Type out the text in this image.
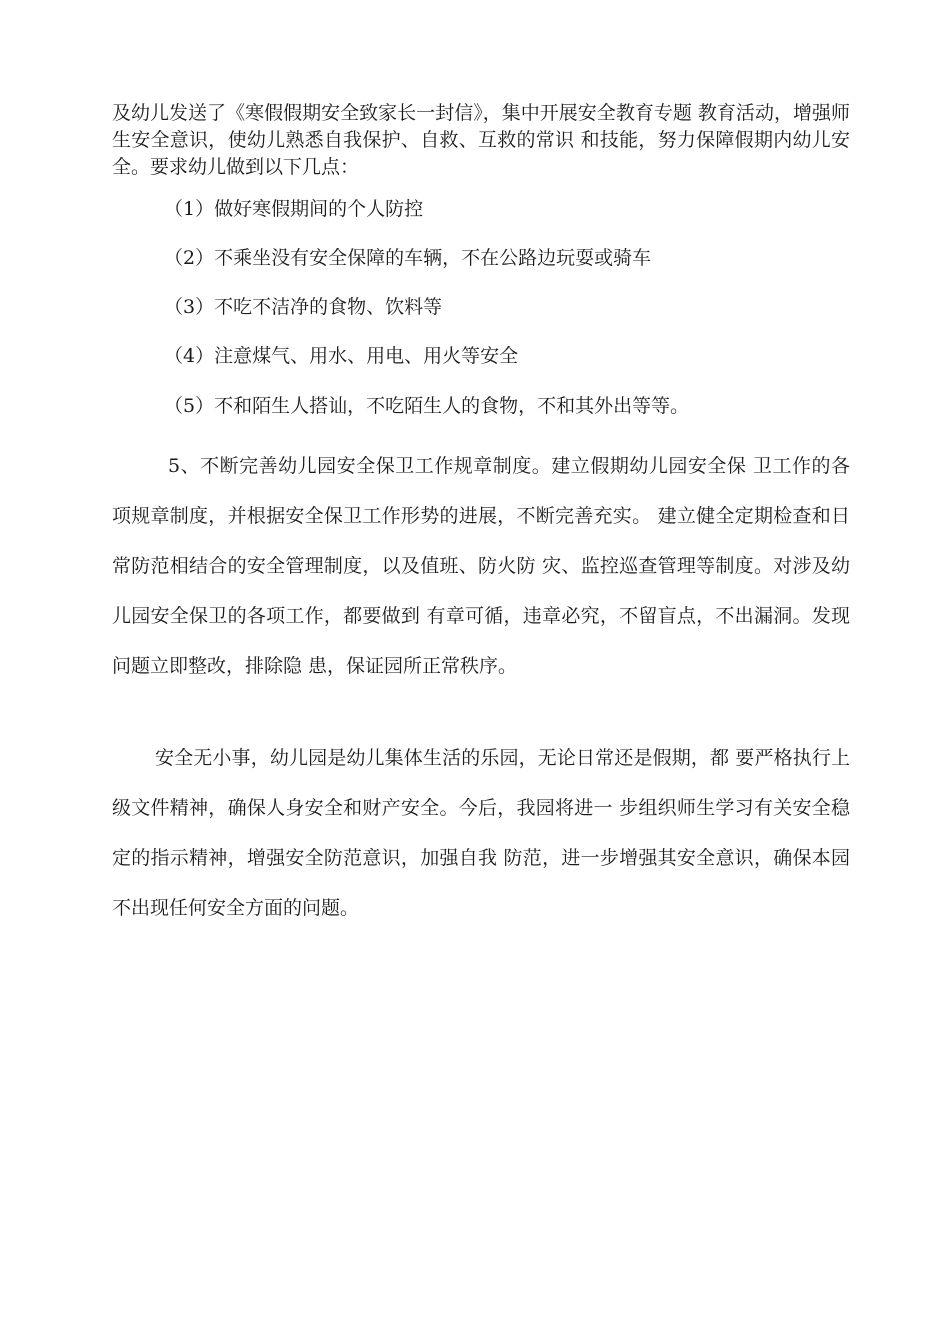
及幼儿发送了《寒假假期安全致家长一封信》，集中开展安全教育专题 教育活动，增强师生安全意识，使幼儿熟悉自我保护、自救、互救的常识 和技能，努力保障假期内幼儿安全。要求幼儿做到以下几点：

（1）做好寒假期间的个人防控

（2）不乘坐没有安全保障的车辆，不在公路边玩耍或骑车

（3）不吃不洁净的食物、饮料等

（4）注意煤气、用水、用电、用火等安全

（5）不和陌生人搭讪，不吃陌生人的食物，不和其外出等等。

5、不断完善幼儿园安全保卫工作规章制度。建立假期幼儿园安全保 卫工作的各项规章制度，并根据安全保卫工作形势的进展，不断完善充实。 建立健全定期检查和日常防范相结合的安全管理制度，以及值班、防火防 灾、监控巡查管理等制度。对涉及幼儿园安全保卫的各项工作，都要做到 有章可循，违章必究，不留盲点，不出漏洞。发现问题立即整改，排除隐 患，保证园所正常秩序。

安全无小事，幼儿园是幼儿集体生活的乐园，无论日常还是假期，都 要严格执行上级文件精神，确保人身安全和财产安全。今后，我园将进一 步组织师生学习有关安全稳定的指示精神，增强安全防范意识，加强自我 防范，进一步增强其安全意识，确保本园不出现任何安全方面的问题。
